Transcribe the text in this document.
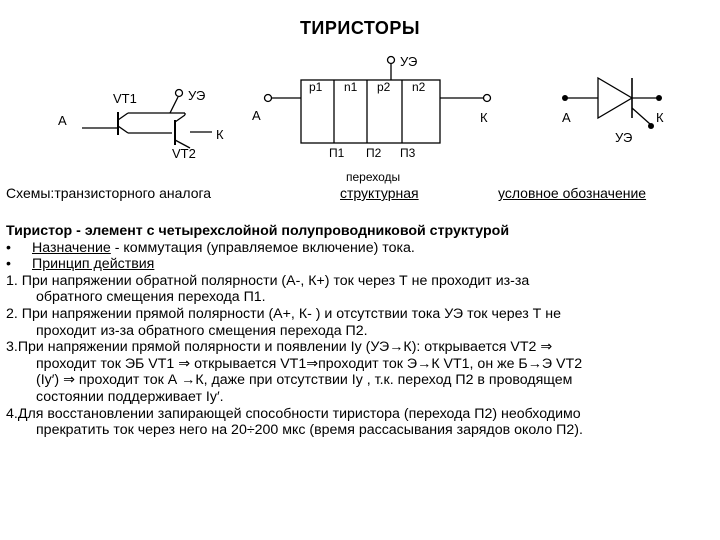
ТИРИСТОРЫ
VT1	УЭ
А
К
VT2
УЭ
А	К
p1 n1 p2 n2
П1 П2 П3
переходы
А	К
УЭ
Схемы:транзисторного аналога	структурная	условное обозначение
Тиристор - элемент с четырехслойной полупроводниковой структурой
• Назначение - коммутация (управляемое включение) тока.
• Принцип действия
1. При напряжении обратной полярности (А-, К+) ток через Т не проходит из-за
обратного смещения перехода П1.
2. При напряжении прямой полярности (А+, К- ) и отсутствии тока УЭ ток через Т не
проходит из-за обратного смещения перехода П2.
3.При напряжении прямой полярности и появлении Iy (УЭ→К): открывается VT2 ⇒
проходит ток ЭБ VT1 ⇒ открывается VT1⇒проходит ток Э→К VT1, он же Б→Э VT2
(Iy′) ⇒ проходит ток А →К, даже при отсутствии Iy , т.к. переход П2 в проводящем
состоянии поддерживает Iy′.
4.Для восстановлении запирающей способности тиристора (перехода П2) необходимо
прекратить ток через него на 20÷200 мкс (время рассасывания зарядов около П2).
